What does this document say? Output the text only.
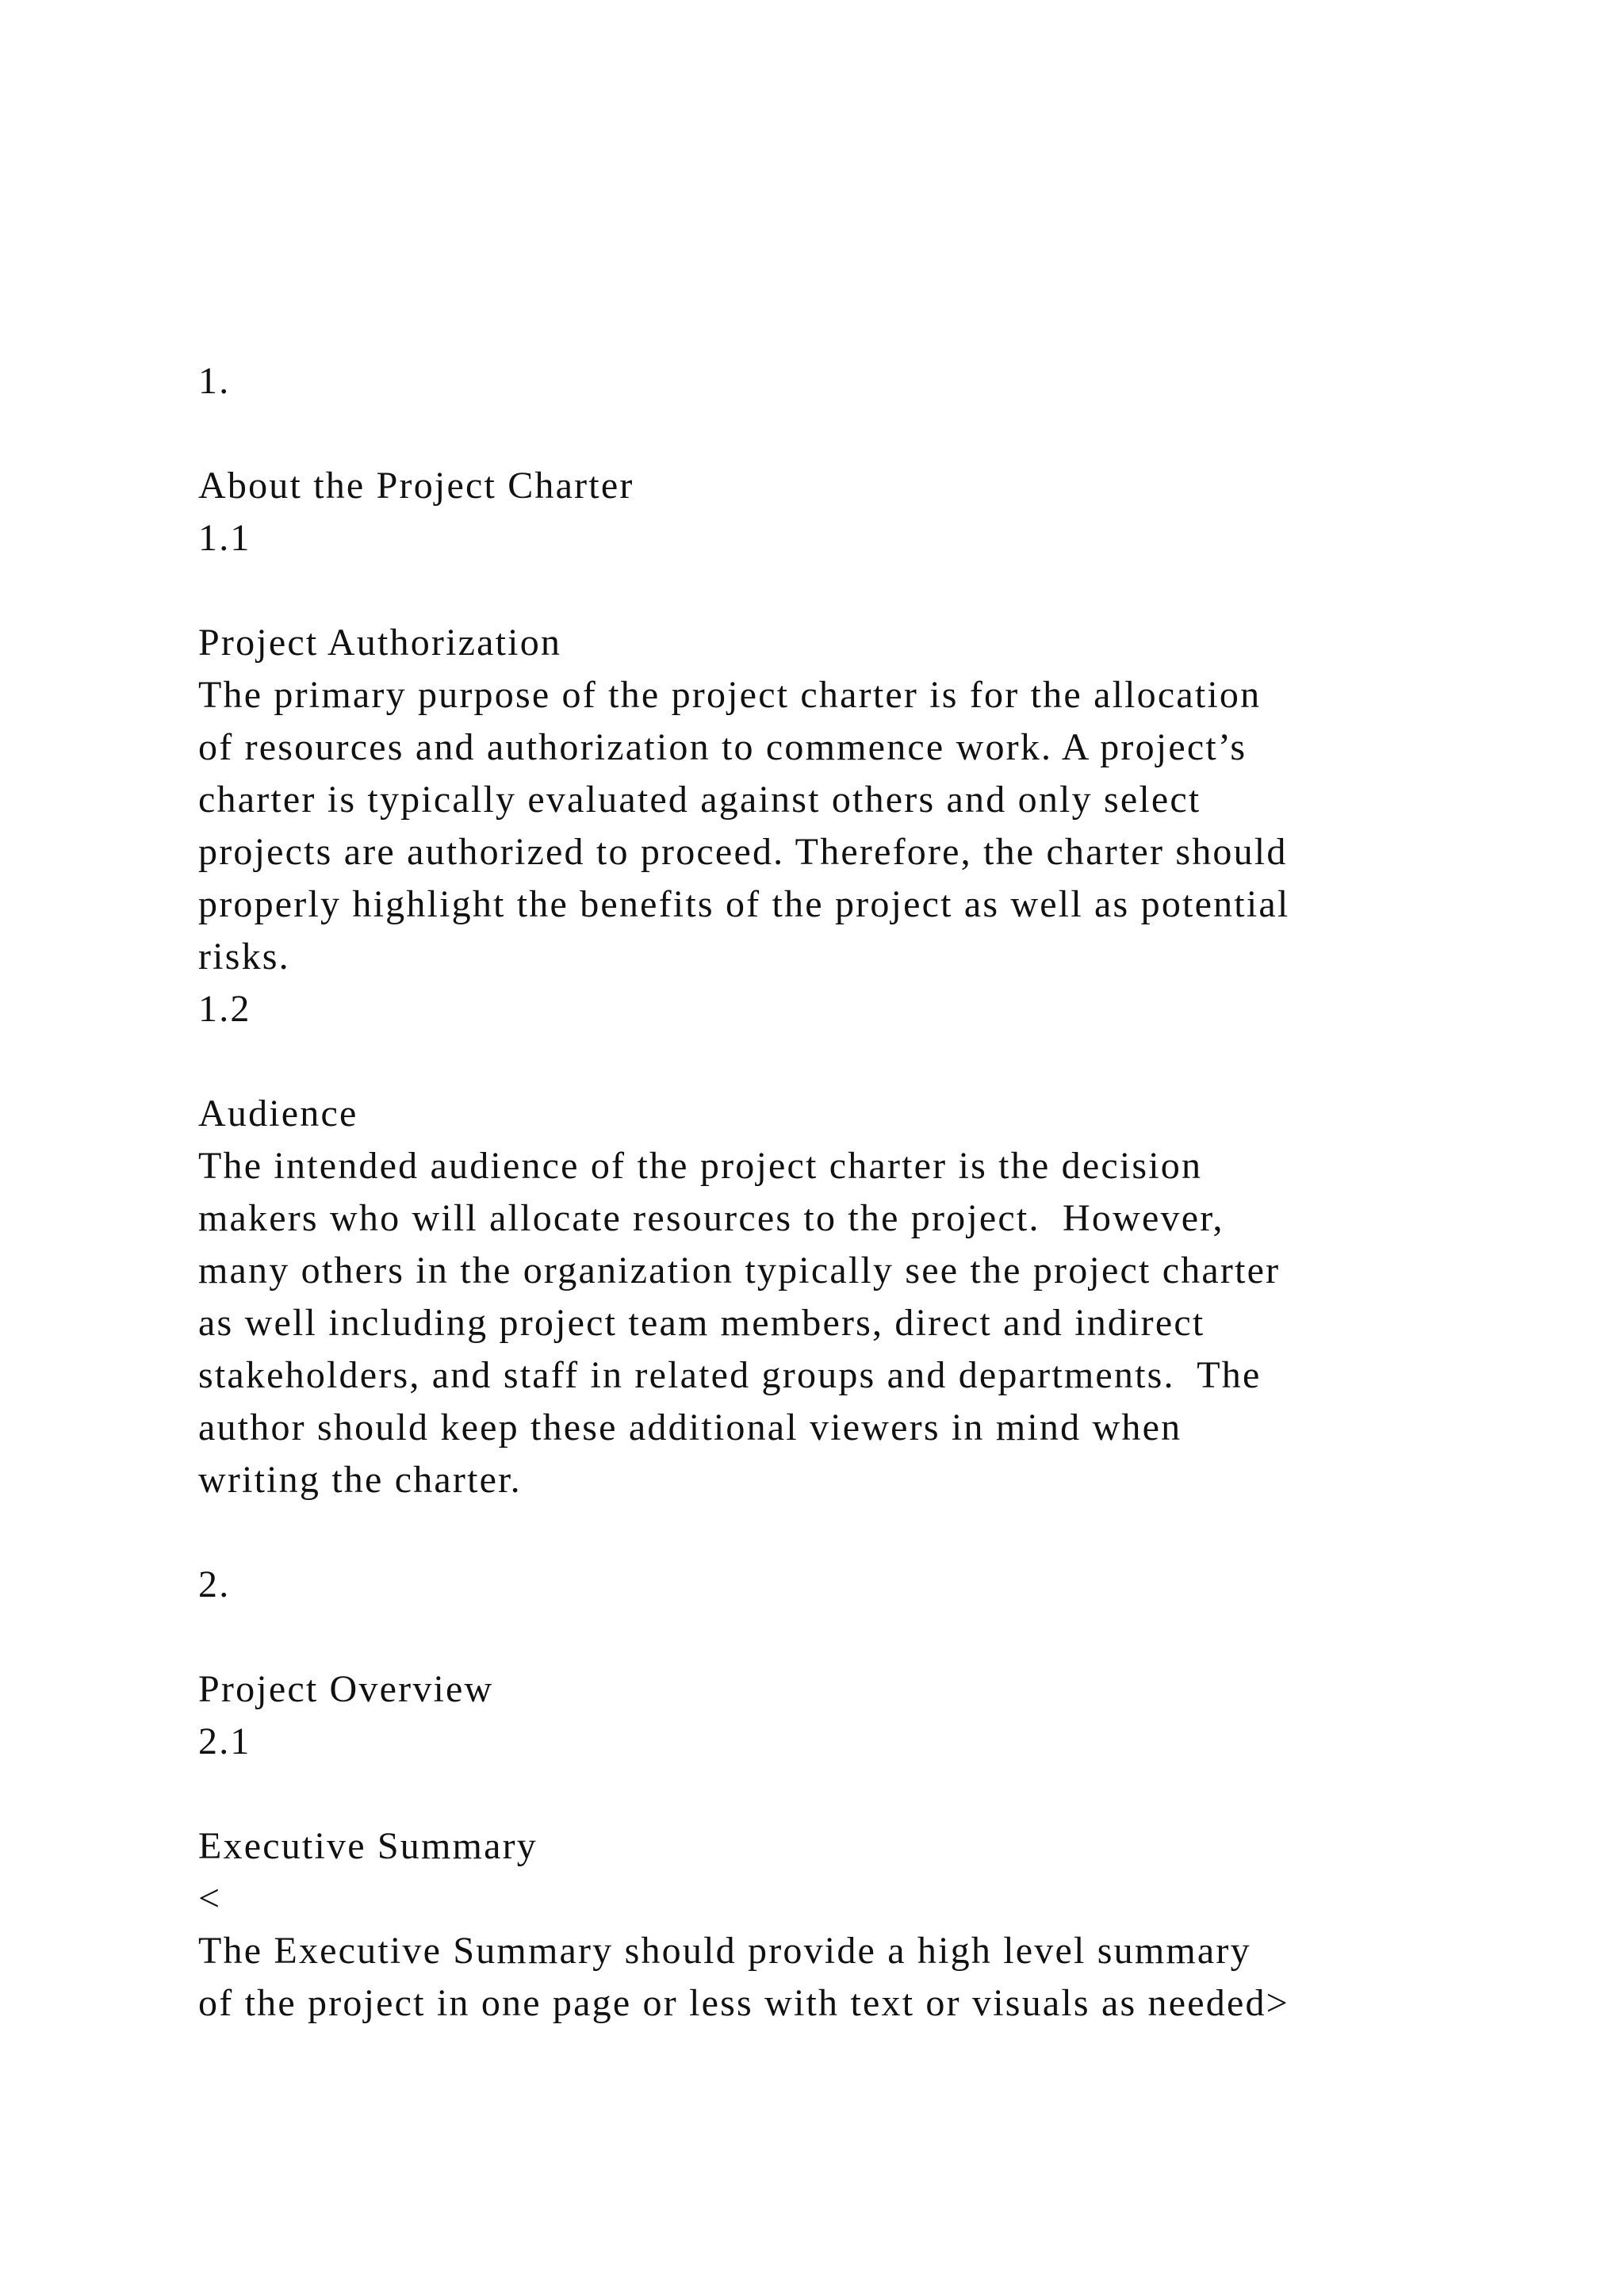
1.
About the Project Charter
1.1
Project Authorization
The primary purpose of the project charter is for the allocation
of resources and authorization to commence work. A project’s
charter is typically evaluated against others and only select
projects are authorized to proceed. Therefore, the charter should
properly highlight the benefits of the project as well as potential
risks.
1.2
Audience
The intended audience of the project charter is the decision
makers who will allocate resources to the project.  However,
many others in the organization typically see the project charter
as well including project team members, direct and indirect
stakeholders, and staff in related groups and departments.  The
author should keep these additional viewers in mind when
writing the charter.
2.
Project Overview
2.1
Executive Summary
<
The Executive Summary should provide a high level summary
of the project in one page or less with text or visuals as needed>
